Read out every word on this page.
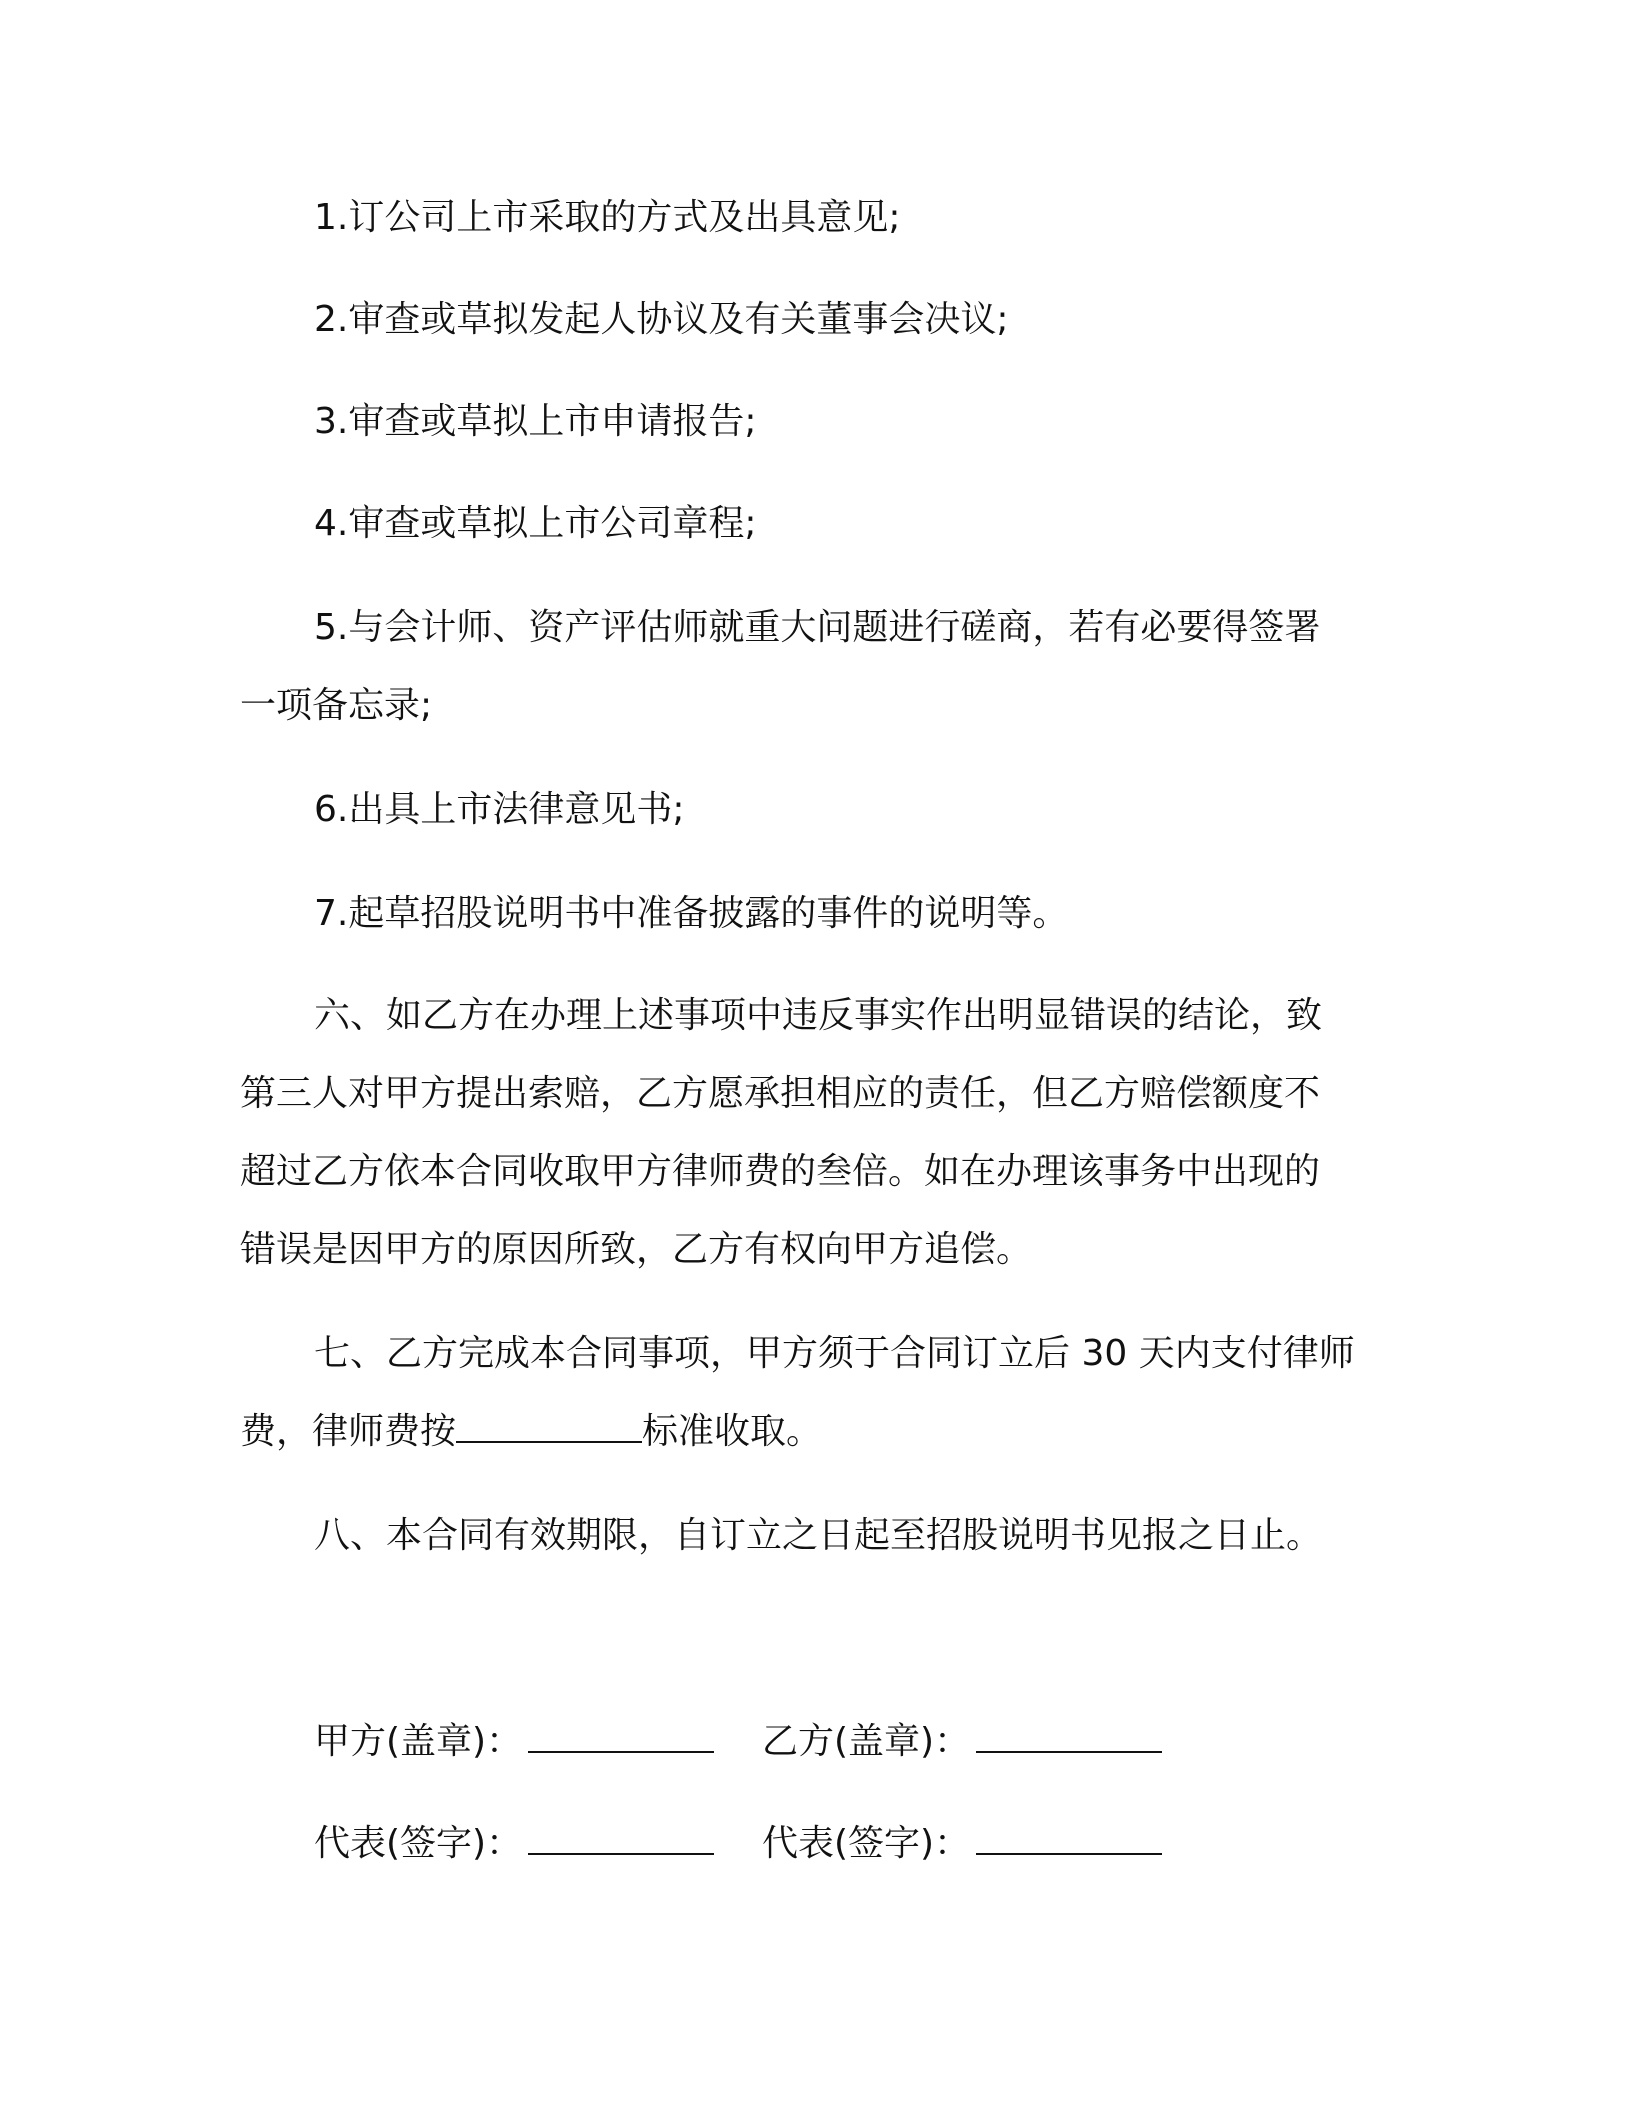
1.订公司上市采取的方式及出具意见;

2.审查或草拟发起人协议及有关董事会决议;

3.审查或草拟上市申请报告;

4.审查或草拟上市公司章程;

5.与会计师、资产评估师就重大问题进行磋商，若有必要得签署

一项备忘录;

6.出具上市法律意见书;

7.起草招股说明书中准备披露的事件的说明等。

六、如乙方在办理上述事项中违反事实作出明显错误的结论，致

第三人对甲方提出索赔，乙方愿承担相应的责任，但乙方赔偿额度不

超过乙方依本合同收取甲方律师费的叁倍。如在办理该事务中出现的

错误是因甲方的原因所致，乙方有权向甲方追偿。

七、乙方完成本合同事项，甲方须于合同订立后 30 天内支付律师

费，律师费按	标准收取。

八、本合同有效期限，自订立之日起至招股说明书见报之日止。

甲方(盖章)：	乙方(盖章)：
代表(签字)：	代表(签字)：
